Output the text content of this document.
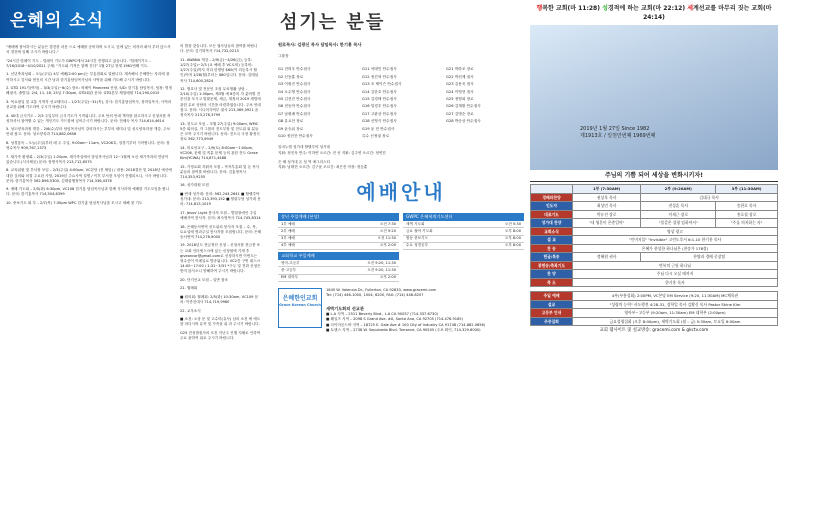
은혜의 소식

"예배에 참석하시는 분들은 겸건한 마음 으로 예배를 준비하며 오시고, 앞에 있는 의자의 좌석 부터 앉으셔서 경건에 임해 주시기 바랍니다."

"24시간 릴레이 기도 – 릴레이 기도가 GWPC에서 24시간 진행되고 있습니다. "릴레이기도 – 7/16/2018~4/10/2021 주제: "기도와 기적은 함께 간다" 1월 27일 현재 1961번째 기도.

1. 신년축복성회 – 오늘(주일) 4부 예배(2:00 pm)는 부흥집회로 열립니다. 계속해서 은혜받는 자리에 참여하시고 감사와 헌신의 시간 남과 한기홍담임목사님의 사역을 위해 기도해 주시기 바랍니다.

2. GTD 191기(여자) – 3/3(주일)~6(수) 장소: 픽베이 Pinecrest 산장, S/D: 한기홍 담임목사, 팀장: 명정해권사, 출발일: 2/4, 11, 18, 25일 7:30pm, GTD회관 문의: GTD본부 체험매원 714,290,0015

3. 목요평일 및 교통 사역자 선교세미나 – 1/27(주일)~31(목), 강사: 한기홍담임목사, 장학일목사, 사역과 선교를 위해 기도하여 주시기 바랍니다.

4. 40대 금식기도 – 2/3 주일부터 금식기도가 시작됩니다. 주보 안의 안내 책자를 참고하시고 신청서를 작성하셔서 참여할 수 있는 개인기도 카드함에 넣어주시기 바랍니다. 문의: 전혜숙 목사 714,614,4614

5. 성도양육과정 개강 – 2/6(수)부터 담임목사님이 강의하시는 부부의 세미나 및 성도양육과정 개강, 주보 안내 참고. 문의: 성도양육과 714,882,0656

6. 성경통독 – 오늘(주일)부터 매 주 주일, 9:00am~11am, VC206호, 성경기부터 시작합니다. 문의: 장영수목사 909,767,1373

7. 새가족 환영회 – 2/3(주일) 1:20pm, 새가족실에서 담임목사님과 12~1월에 오신 새가족과의 만남이 있습니다.(식사제공) 문의: 장명식목사 213,712,6575

8. 교육위원 및 부서장 모임 – 2/3(주일) 4:00pm, VC본당 (전 체임) / 내용: 2018결산 및 2018년 예산에 대한 심의와 의결 주요한 사항, 2019년 주요사역 설명 / 이후 부서장 모임이 진행되오니, 시사 바랍니다. 문의: 한기홍목사 562,896,5300, 김태섭행정목사 714,336,4378

9. 예배 기도회 – 2/5(화) 6:30pm, VC108 한기홍 담임목사님과 함께 식사하며 예배를 기도모임을 합니다. 문의: 한기홍목사 714,504,6399

10. 중보기도 회 부 – 2/7(목) 7:30pm WPC 한기홍 담임목사님을 모시고 새해 첫 기도

의 밤을 갖습니다. 모든 권사님들의 참여를 바랍니다. 문의: 김기화목사 714,732,0213

11. AWANA 개강 – 2/9(금)~4/26(금), 등록: 1/27(주일)~2/3 (교 예배 후 VC로비) 등록비: 1/27(주일)까지 저녁 한명당 $60(이 리등록시 할인)이며 1/28(월)부터는 $80입니다. 문의: 김태섭목사 714,600,2824

12. 범호사 및 전문인 초청 무료생활 상담 – 2/10(주일) 1:30pm, 제3월 예 8층의 각 분야별 전문인을 모시고 법률문제, 세금, 재정의 2019 세법에 관한 무료 상담의 시간을 마련하였습니다. 주보 안내 참고. 문의: 시니어사역부 권사 213,369,0921 윤정숙목사 213,276,3799

13. 천도교 모임 – 모월 27(주일) 9:00am, WMC 5층 회의실, 각 그룹의 전도부장 및 전도위 워 분들은 모여 주시기 바랍니다. 문의: 전도국 국장 황정식장로 562,773,9949

14. 미로선교구 – 2/9(토) 8:00am~1:00pm, VC206, 문제 및 직분 문제 등의 관한 전도 Grace Kim(YCWA) 714,871,4488

15. 가정교회 지휘자 모집 – 목자부흥회 및 온 목사 분들의 참여를 바랍니다. 문의: 김홍정목사 714,353,9255

16. 성가대원 모집

■ 연세 성가대: 문의: 562,244,2641 ■ 할렐루야 성가대: 문의: 213,393,152 ■ 힐링두팀 성가대 문의: 714,815,1019

17. Jesus' Light 봉사자 모집 – 발달장애인 주일 예배사역 봉사자. 문의: 최숙영목사 714,745,8314

18. 은혜동서번역 선도위치 봉사자 모집 – 수, 목, 토요일에 영과주일 봉사자를 모집합니다. 문의: 은혜동서번역 714,278,9000

19. 2018년도 현금정산 신청 – 신청서를 현금봉 또는 교회 인터넷스크에 있는 신청원에 기재 후 giveoncor@gmail.com로 신청하시면 이번도는 영수증이 이메일로 발송됩니다. VC2층 구번 데스크 14:00~17:00 / 1:31~3/31 *구두 및 전화 신청은 받지 않사오니 양해하여 주시기 바랍니다.

20. 단기선교 모집 – 일반 참조

21. 월례회

■ 원의회: 월례회: 2/5(화) 10:30am, VC109 문의: 이종건대사 714,719,9980

22. 교우소식

■ 소천: 오상 문 및 고수미(유사) 님의 소천 에 애도를 마다시며 유족 및 가족을 위 과 주시기 바랍니다.

G25 전성범집사의 모친 지난주 진행 지혜로 인하여 주요 관하여 위로 주시기 바랍니다.

섬기는 분들
원로목사: 김광신 목사 담임목사: 한기홍 목사
그룹장
G1 전의우 안수집사	G11 석태인 안수집사	G21 박하조 장로
G2 신동훈 장로	G12 정진혁 안수집사	G22 박천제 집사
G3 이원진 안수집사	G13 조 제이슨 안수집사	G23 김용욱 집사
G4 오수영 안수집사	G14 김한호 안수집사	G24 이영현 집사
G5 김현진 안수집사	G15 김경택 안수집사	G25 정영희 장로
G6 전동학 안수집사	G16 임경우 안수집사	G26 김계환 안수집사
G7 남원배 안수집사	G17 고완상 안수집사	G27 김병순 장로
G8 유요찬 장로	G18 신영식 안수집사	G28 박준상 안수집사
G9 윤승위 장로	G19 윤 민 안수집사
G10 정현찬 안수집사	특수 신정권 장로
임마누엘 성가대 할렐루야 성가대
지휘: 정진욱 반주: 이하얀 오르간: 전 선 지휘: 김주연 오르간: 정연진
은 혜 성가대 온 성 역 예그리스티
지휘: 남태현 오르간: 김구윤 오르간: 최은진 악장: 정승훈
예배안내
장년 주일예배 (본당)
1부 예배	오전 7:30
2부 예배	오전 9:20
3부 예배	오전 11:30
4부 예배	오후 2:00
교회학교 주일예배
영아-초등부	오전 9:20, 11:30
중·고등부	오전 9:20, 11:30
EM 대학부	오후 2:00
GWPC 은혜세계기도센터
새벽 기도회	오전 5:30
금요 철야 기도회	오후 8:00
합동 중보기도	오후 8:00
수요 성경공부	오후 8:00
은혜한인교회
Grace Korean Church
1645 W. Valencia Dr., Fullerton, CA 92833, www.gracemi.com
Tel: (714) 446-1000, 1004, 6200, FAX: (714) 446-6207
새벽기도회의 선교관
■ L.A 지역 – 2511 Beverly Blvd., L.A CA 90057 (714.337.6730)
■ 웨일즈 지역 – 2098 S Grand Ave. #A, Santa Ana, CA 92705 (714.476.9165)
■ 다이아몬드바 지역 – 18725 E. Gale Ave # 100 City of Industry CA 91748 (714.882.0656)
■ 토랜스 지역 – 2738 W. Sepulveda Blvd. Torrance, CA 90505 (주보 확인, 714.329.6000)
행복한 교회(마 11:28) 성경적에 하는 교회(마 22:12) 세계선교를 마무리 짓는 교회(마 24:14)
2019년 1월 27일 Since 1982
제1913호 / 일천만번째 1969번째
주님의 기쁨 되어 세상을 변화시키자!
	1부 (7:30AM)	2부 (9:20AM)	3부 (11:30AM)
경배와찬양	권상욱 목사	김대규 목사	
인도자	최성민 목사	전성훈 목사	송한호 목사
대표기도	박유진 장로	이재근 장로	홍호철 장로
성가대 찬양	"내 영혼이 은총입어"	"불같은 성령 임하셔서"	"주를 의지하는 자"
교회소식	영상 광고		
설 교	"인비저블" "Invisible" 고린도후서 6:1-10 한기홍 목사		
찬 송	은혜가 풍성한 하나님은 (찬송가 178장)		
헌금/특송	정혜원 권사	찬양과 경배 중창팀	
봉헌송/축복기도	만복의 근원 하나님		
찬 양	주님 다시 오실 때까지		
축 도	한기홍 목사		
주일 예배	4부(부흥성회) 2:00PM, VC본당 EM Service (9:20, 11:30AM) MC체육관
설교	"성령의 능력" 사도행전 4:28-31, 장학일 목사 김황신 목사 Pastor Shine Kim
고등부 안내	영아부~고등부 (9:20am, 11:30am) EM 대학부 (2:00pm)
주중집회	금요성령집회 (오후 8:00pm), 새벽기도회 (월 – 금) 5:30am, 토요일 6:00am
교회 웹사이트 및 설교방송: gracemi.com & gkctv.com
